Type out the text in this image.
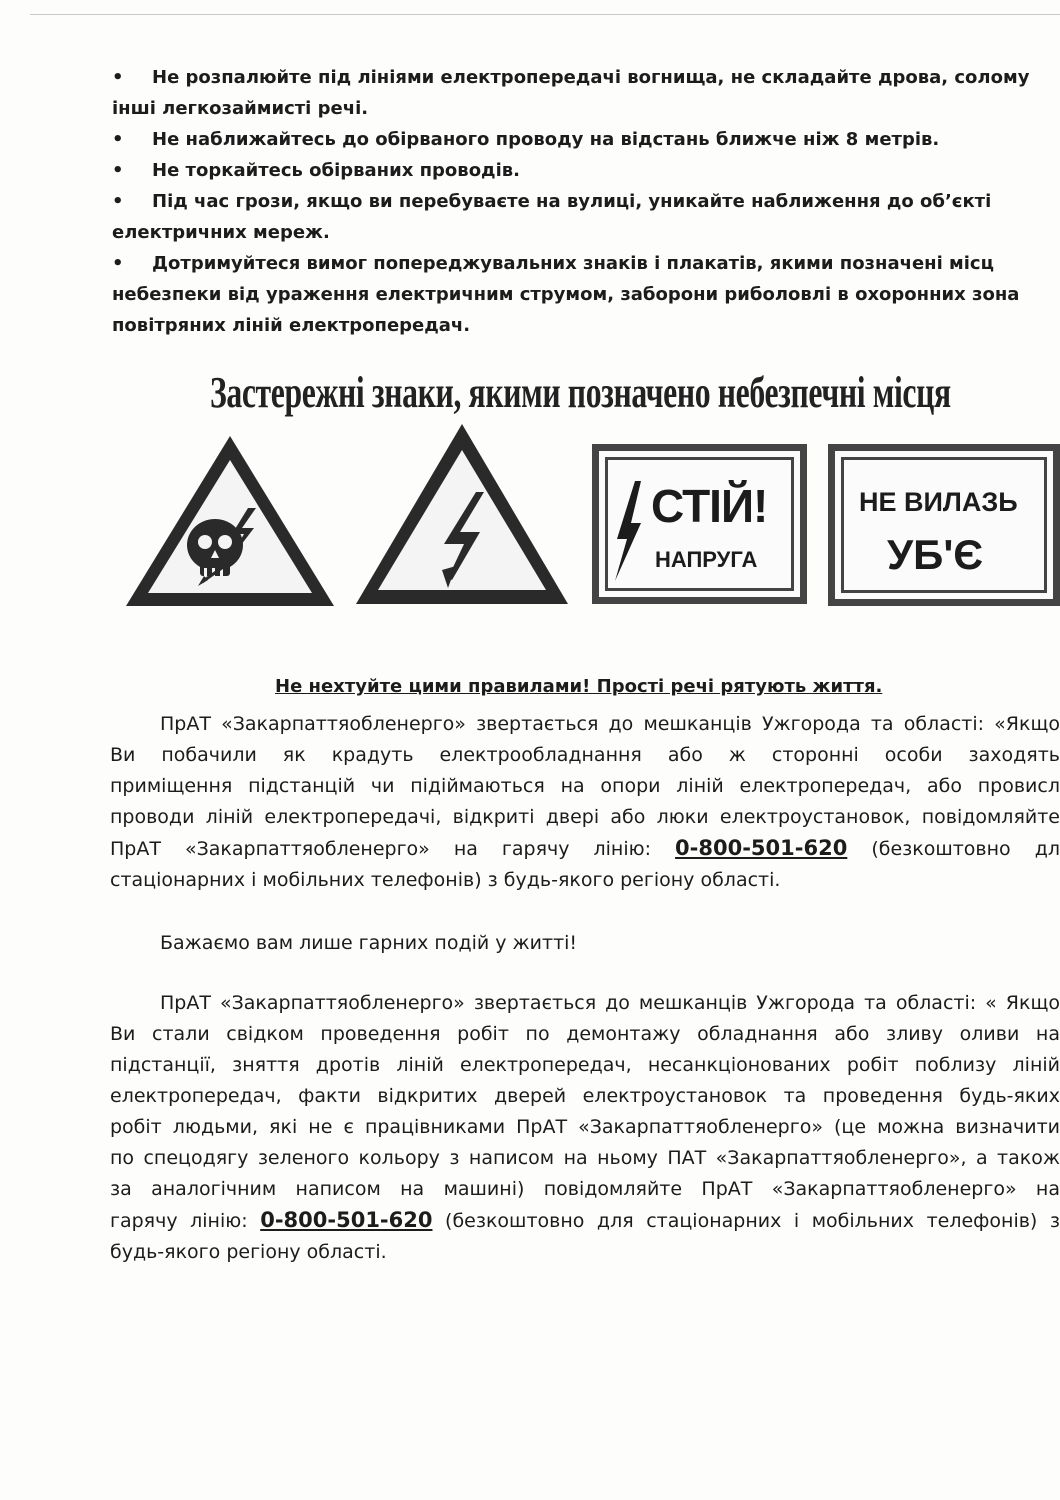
• Не розпалюйте під лініями електропередачі вогнища, не складайте дрова, солому
інші легкозаймисті речі.
• Не наближайтесь до обірваного проводу на відстань ближче ніж 8 метрів.
• Не торкайтесь обірваних проводів.
• Під час грози, якщо ви перебуваєте на вулиці, уникайте наближення до об’єкті
електричних мереж.
• Дотримуйтеся вимог попереджувальних знаків і плакатів, якими позначені місц
небезпеки від ураження електричним струмом, заборони риболовлі в охоронних зона
повітряних ліній електропередач.
Застережні знаки, якими позначено небезпечні місця
СТІЙ!
НАПРУГА
НЕ ВИЛАЗЬ
УБ'Є
Не нехтуйте цими правилами! Прості речі рятують життя.
ПрАТ «Закарпаттяобленерго» звертається до мешканців Ужгорода та області: «Якщо
Ви побачили як крадуть електрообладнання або ж сторонні особи заходять
приміщення підстанцій чи підіймаються на опори ліній електропередач, або провисл
проводи ліній електропередачі, відкриті двері або люки електроустановок, повідомляйте
ПрАТ «Закарпаттяобленерго» на гарячу лінію: 0-800-501-620 (безкоштовно дл
стаціонарних і мобільних телефонів) з будь-якого регіону області.
Бажаємо вам лише гарних подій у житті!
ПрАТ «Закарпаттяобленерго» звертається до мешканців Ужгорода та області: « Якщо
Ви стали свідком проведення робіт по демонтажу обладнання або зливу оливи на
підстанції, зняття дротів ліній електропередач, несанкціонованих робіт поблизу ліній
електропередач, факти відкритих дверей електроустановок та проведення будь-яких
робіт людьми, які не є працівниками ПрАТ «Закарпаттяобленерго» (це можна визначити
по спецодягу зеленого кольору з написом на ньому ПАТ «Закарпаттяобленерго», а також
за аналогічним написом на машині) повідомляйте ПрАТ «Закарпаттяобленерго» на
гарячу лінію: 0-800-501-620 (безкоштовно для стаціонарних і мобільних телефонів) з
будь-якого регіону області.
